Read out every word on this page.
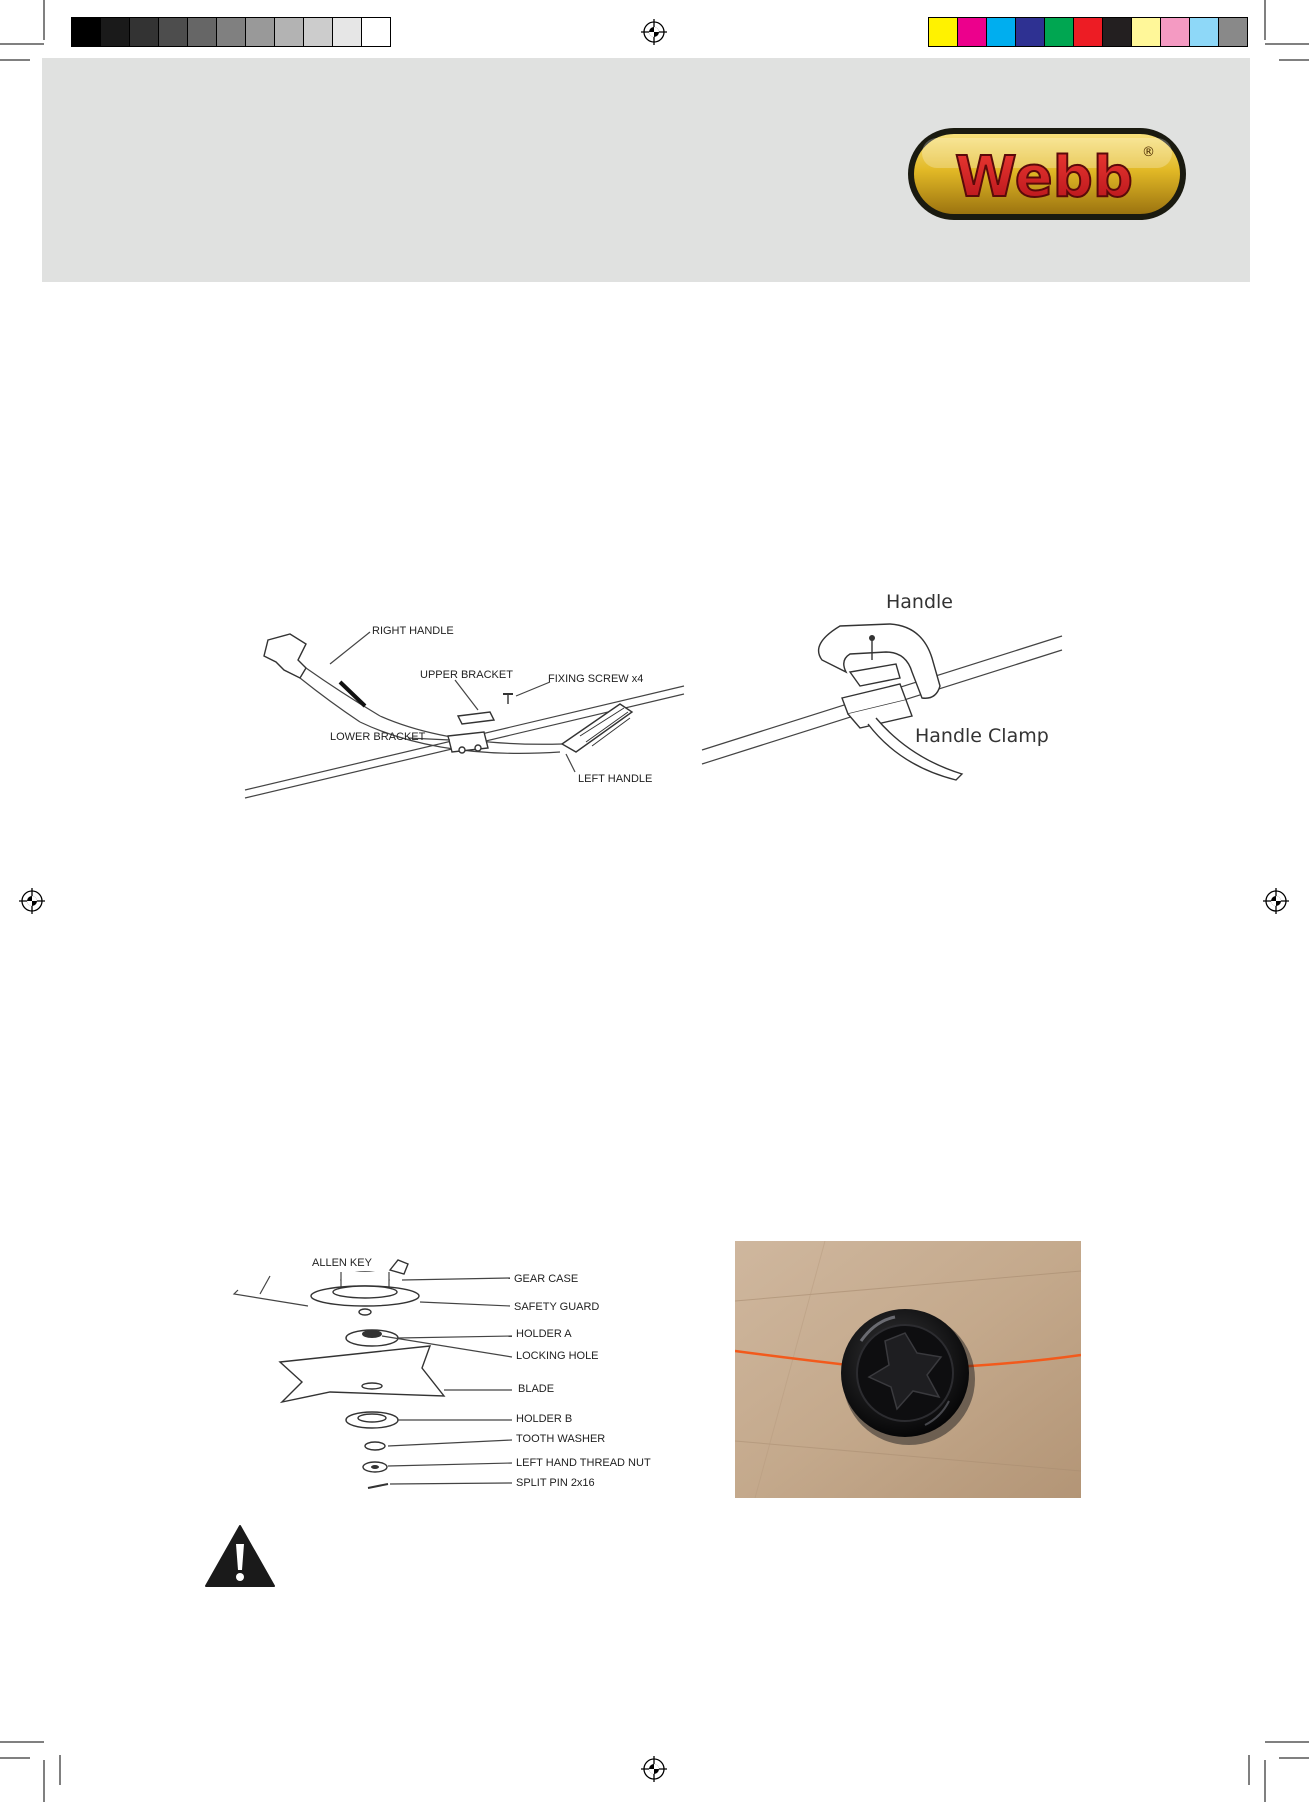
Webb ®
RIGHT HANDLE
UPPER BRACKET	FIXING SCREW x4
LOWER BRACKET
LEFT HANDLE
Handle
Handle Clamp
ALLEN KEY
GEAR CASE
SAFETY GUARD
HOLDER A
LOCKING HOLE
BLADE
HOLDER B
TOOTH WASHER
LEFT HAND THREAD NUT
SPLIT PIN 2x16
